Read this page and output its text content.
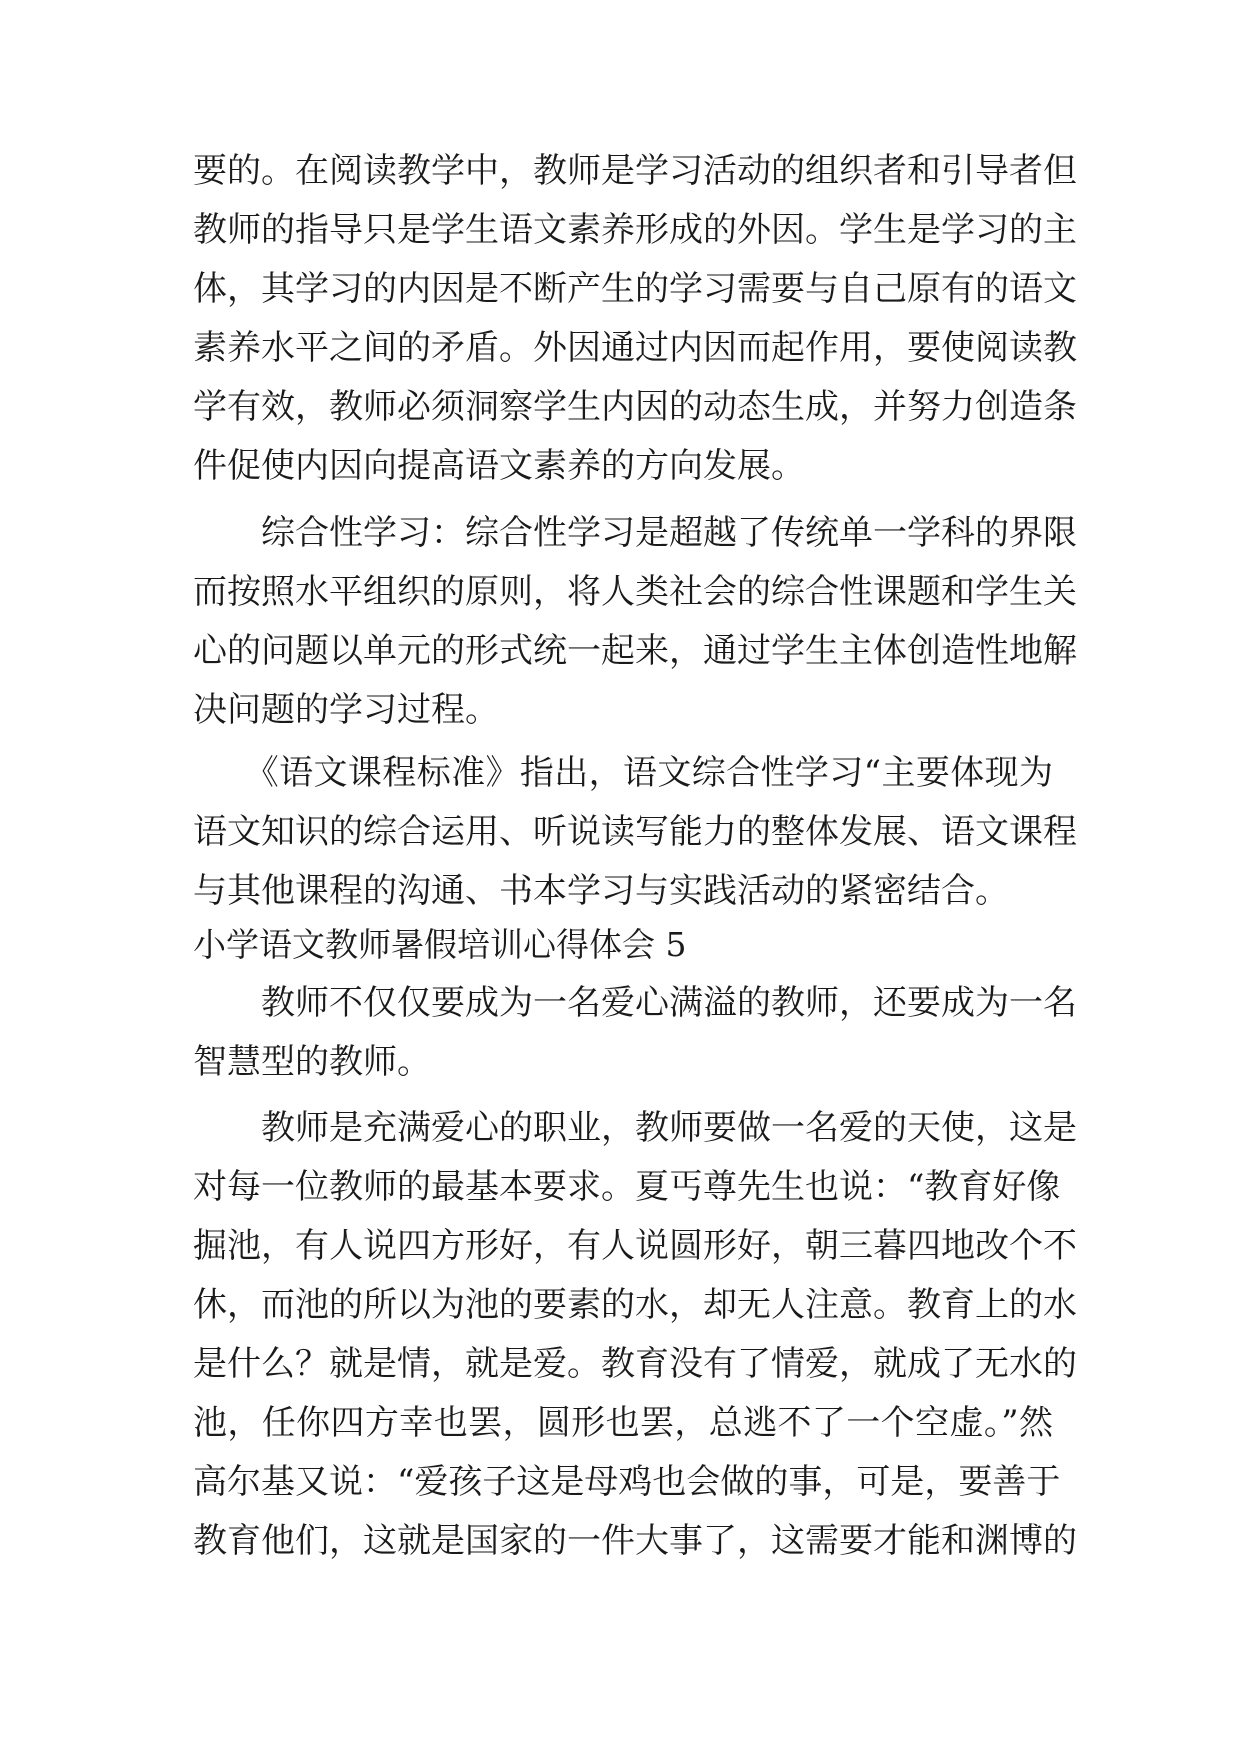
要的。在阅读教学中，教师是学习活动的组织者和引导者但
教师的指导只是学生语文素养形成的外因。学生是学习的主
体，其学习的内因是不断产生的学习需要与自己原有的语文
素养水平之间的矛盾。外因通过内因而起作用，要使阅读教
学有效，教师必须洞察学生内因的动态生成，并努力创造条
件促使内因向提高语文素养的方向发展。
　　综合性学习：综合性学习是超越了传统单一学科的界限
而按照水平组织的原则，将人类社会的综合性课题和学生关
心的问题以单元的形式统一起来，通过学生主体创造性地解
决问题的学习过程。
　　《语文课程标准》指出，语文综合性学习“主要体现为
语文知识的综合运用、听说读写能力的整体发展、语文课程
与其他课程的沟通、书本学习与实践活动的紧密结合。
小学语文教师暑假培训心得体会 5
　　教师不仅仅要成为一名爱心满溢的教师，还要成为一名
智慧型的教师。
　　教师是充满爱心的职业，教师要做一名爱的天使，这是
对每一位教师的最基本要求。夏丐尊先生也说：“教育好像
掘池，有人说四方形好，有人说圆形好，朝三暮四地改个不
休，而池的所以为池的要素的水，却无人注意。教育上的水
是什么？就是情，就是爱。教育没有了情爱，就成了无水的
池，任你四方幸也罢，圆形也罢，总逃不了一个空虚。”然
高尔基又说：“爱孩子这是母鸡也会做的事，可是，要善于
教育他们，这就是国家的一件大事了，这需要才能和渊博的
